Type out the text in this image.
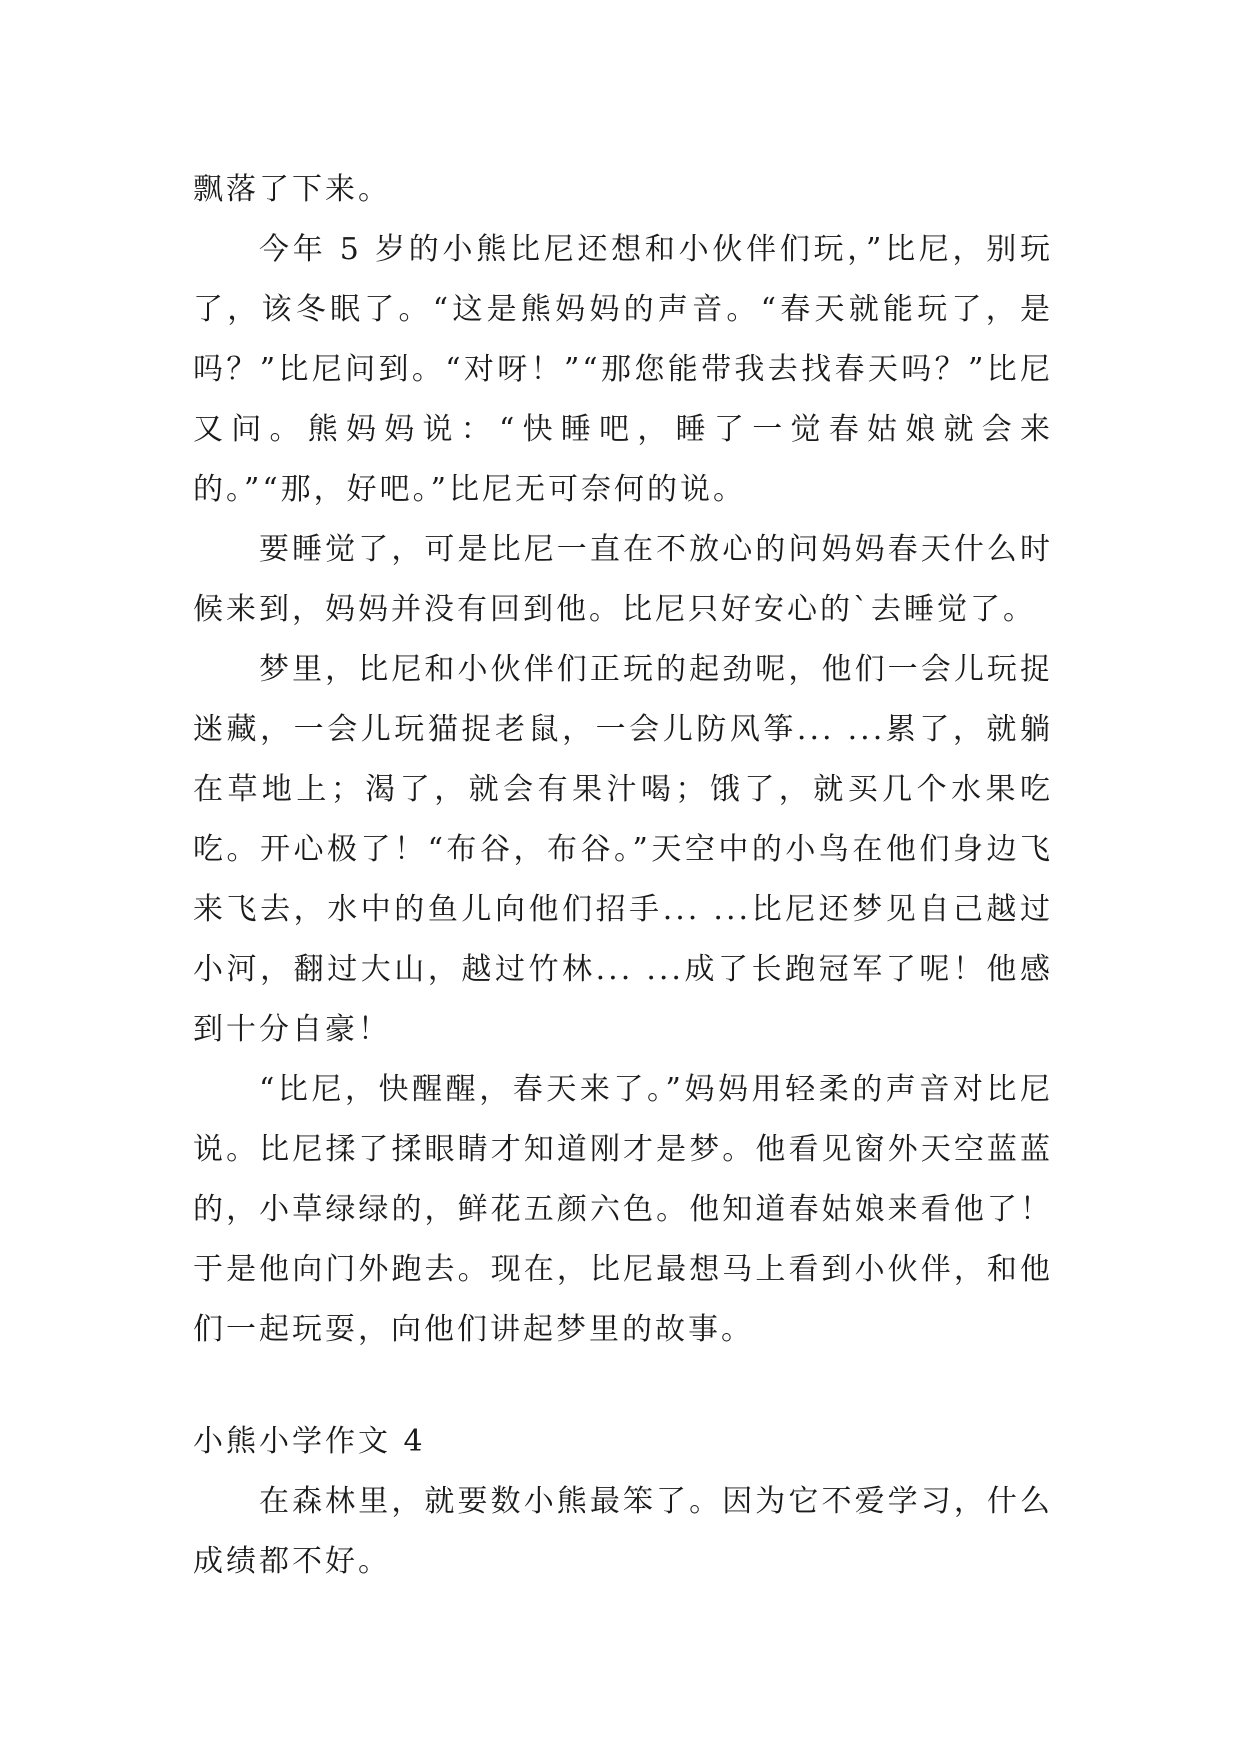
飘落了下来。

今年 5 岁的小熊比尼还想和小伙伴们玩，”比尼，别玩了，该冬眠了。“这是熊妈妈的声音。“春天就能玩了，是吗？”比尼问到。“对呀！”“那您能带我去找春天吗？”比尼又问。熊妈妈说：“快睡吧，睡了一觉春姑娘就会来的。”“那，好吧。”比尼无可奈何的说。

要睡觉了，可是比尼一直在不放心的问妈妈春天什么时候来到，妈妈并没有回到他。比尼只好安心的`去睡觉了。

梦里，比尼和小伙伴们正玩的起劲呢，他们一会儿玩捉迷藏，一会儿玩猫捉老鼠，一会儿防风筝... ...累了，就躺在草地上；渴了，就会有果汁喝；饿了，就买几个水果吃吃。开心极了！“布谷，布谷。”天空中的小鸟在他们身边飞来飞去，水中的鱼儿向他们招手... ...比尼还梦见自己越过小河，翻过大山，越过竹林... ...成了长跑冠军了呢！他感到十分自豪！

“比尼，快醒醒，春天来了。”妈妈用轻柔的声音对比尼说。比尼揉了揉眼睛才知道刚才是梦。他看见窗外天空蓝蓝的，小草绿绿的，鲜花五颜六色。他知道春姑娘来看他了！于是他向门外跑去。现在，比尼最想马上看到小伙伴，和他们一起玩耍，向他们讲起梦里的故事。

小熊小学作文 4

在森林里，就要数小熊最笨了。因为它不爱学习，什么成绩都不好。
